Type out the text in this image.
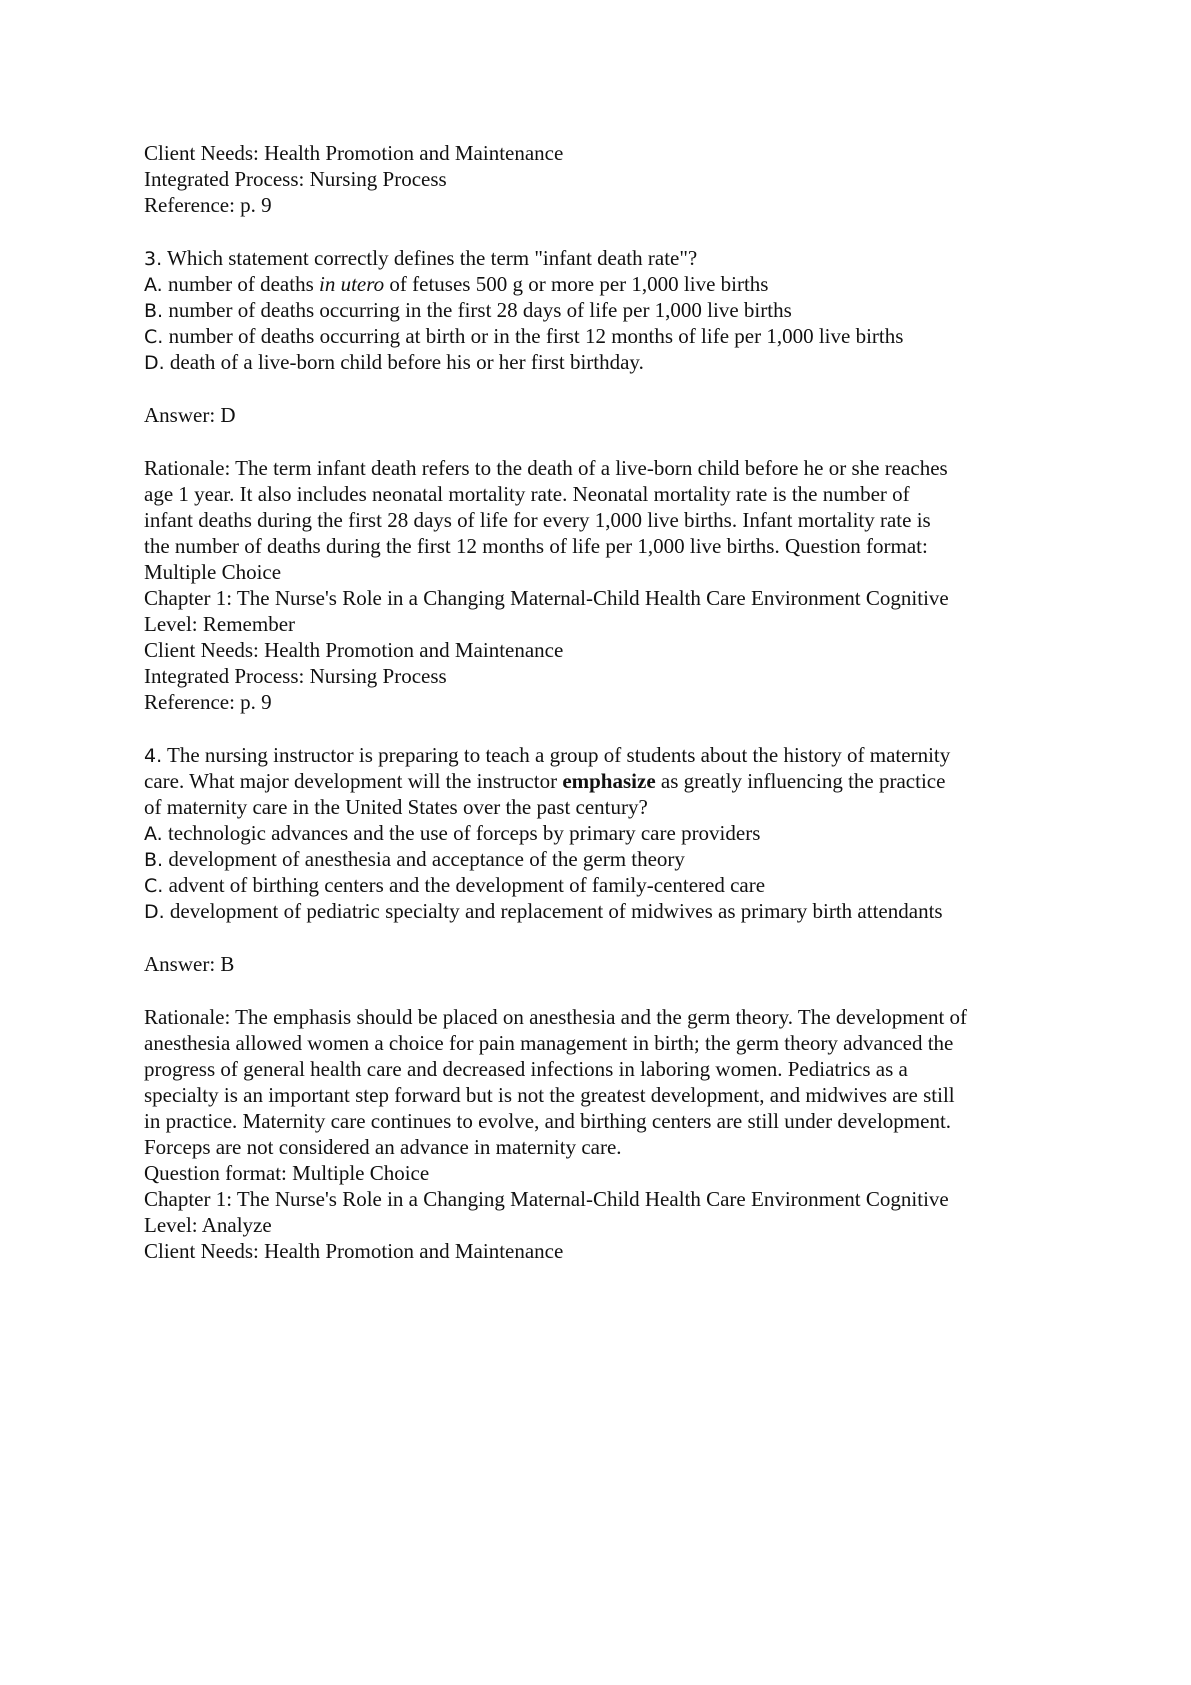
Client Needs: Health Promotion and Maintenance
Integrated Process: Nursing Process
Reference: p. 9
3. Which statement correctly defines the term "infant death rate"?
A. number of deaths in utero of fetuses 500 g or more per 1,000 live births
B. number of deaths occurring in the first 28 days of life per 1,000 live births
C. number of deaths occurring at birth or in the first 12 months of life per 1,000 live births
D. death of a live-born child before his or her first birthday.
Answer: D
Rationale: The term infant death refers to the death of a live-born child before he or she reaches
age 1 year. It also includes neonatal mortality rate. Neonatal mortality rate is the number of
infant deaths during the first 28 days of life for every 1,000 live births. Infant mortality rate is
the number of deaths during the first 12 months of life per 1,000 live births. Question format:
Multiple Choice
Chapter 1: The Nurse's Role in a Changing Maternal-Child Health Care Environment Cognitive
Level: Remember
Client Needs: Health Promotion and Maintenance
Integrated Process: Nursing Process
Reference: p. 9
4. The nursing instructor is preparing to teach a group of students about the history of maternity
care. What major development will the instructor emphasize as greatly influencing the practice
of maternity care in the United States over the past century?
A. technologic advances and the use of forceps by primary care providers
B. development of anesthesia and acceptance of the germ theory
C. advent of birthing centers and the development of family-centered care
D. development of pediatric specialty and replacement of midwives as primary birth attendants
Answer: B
Rationale: The emphasis should be placed on anesthesia and the germ theory. The development of
anesthesia allowed women a choice for pain management in birth; the germ theory advanced the
progress of general health care and decreased infections in laboring women. Pediatrics as a
specialty is an important step forward but is not the greatest development, and midwives are still
in practice. Maternity care continues to evolve, and birthing centers are still under development.
Forceps are not considered an advance in maternity care.
Question format: Multiple Choice
Chapter 1: The Nurse's Role in a Changing Maternal-Child Health Care Environment Cognitive
Level: Analyze
Client Needs: Health Promotion and Maintenance
